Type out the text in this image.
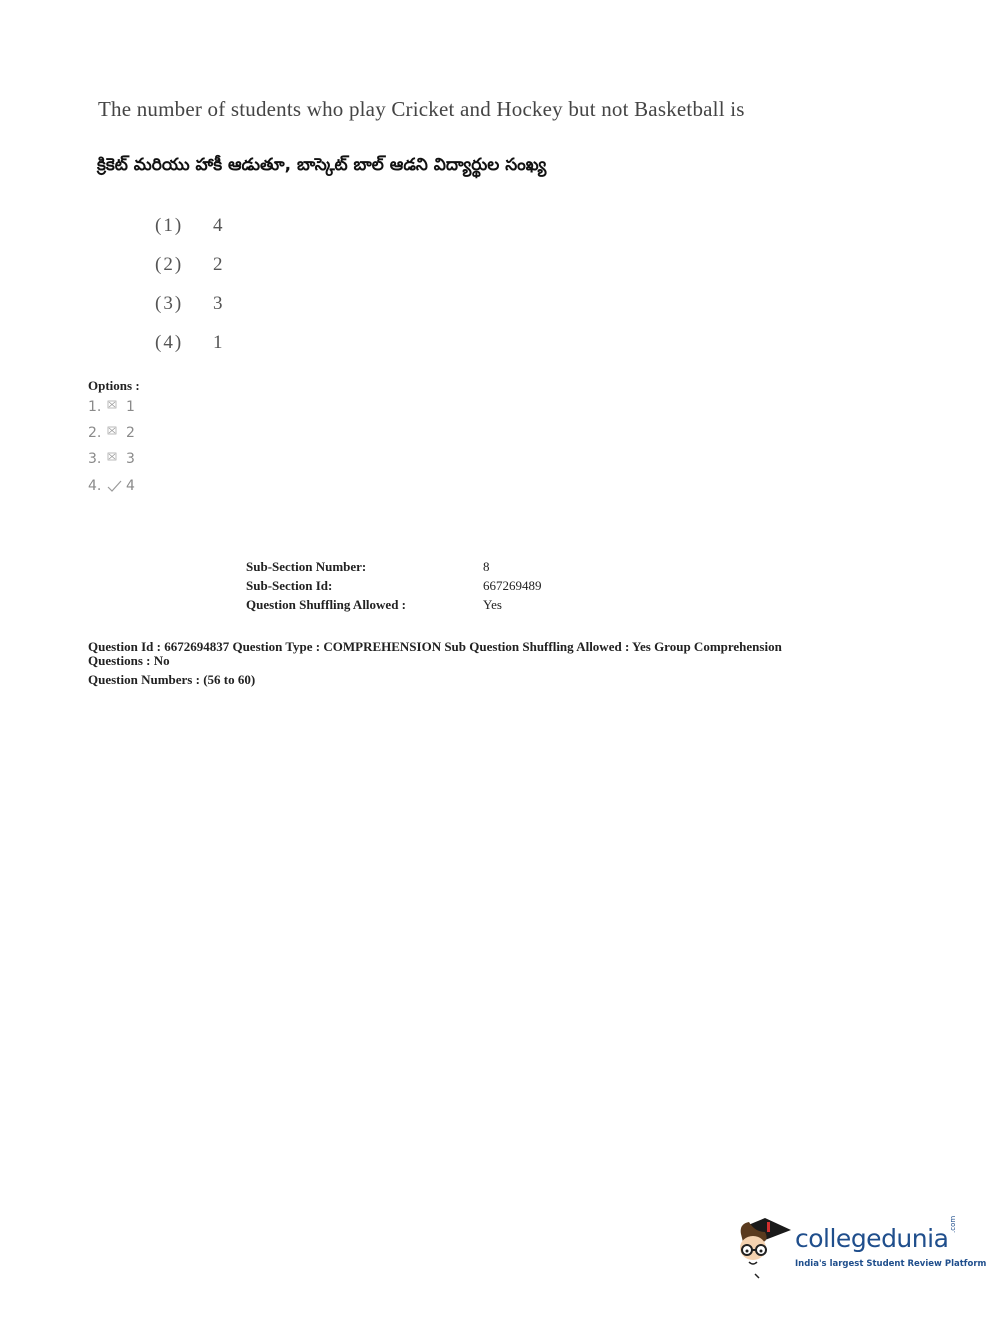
The number of students who play Cricket and Hockey but not Basketball is
క్రికెట్ మరియు హాకీ ఆడుతూ, బాస్కెట్ బాల్ ఆడని విద్యార్థుల సంఖ్య
(1)	4
(2)	2
(3)	3
(4)	1
Options :
1.	1
2.	2
3.	3
4.	4
Sub-Section Number:	8
Sub-Section Id:	667269489
Question Shuffling Allowed :	Yes
Question Id : 6672694837 Question Type : COMPREHENSION Sub Question Shuffling Allowed : Yes Group Comprehension
Questions : No
Question Numbers : (56 to 60)
collegedunia .com
India's largest Student Review Platform
